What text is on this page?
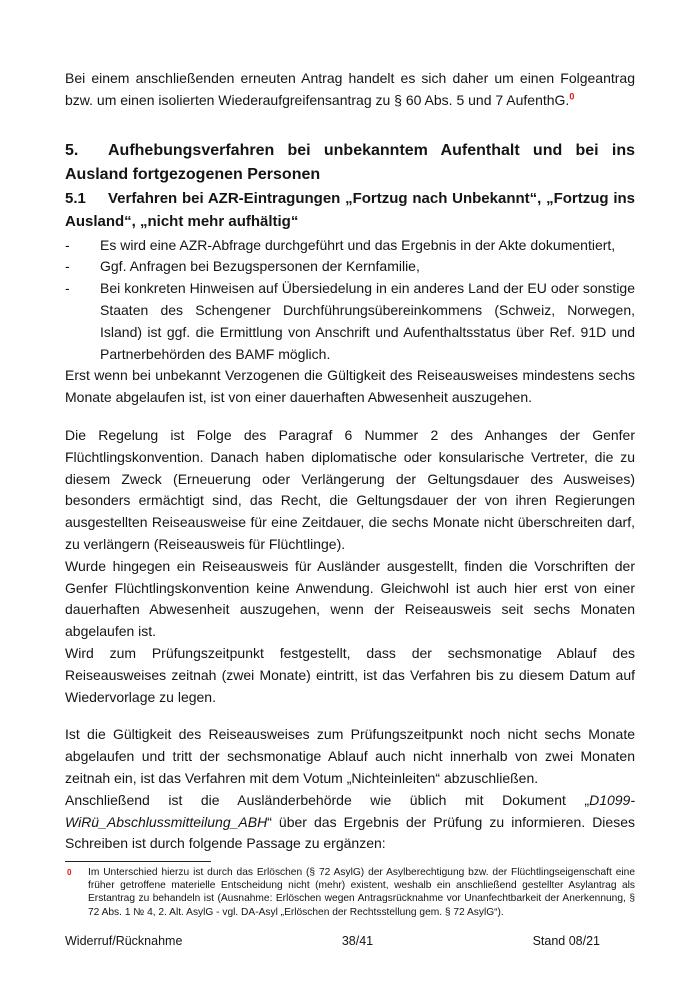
Bei einem anschließenden erneuten Antrag handelt es sich daher um einen Folgeantrag bzw. um einen isolierten Wiederaufgreifensantrag zu § 60 Abs. 5 und 7 AufenthG.$^0$

5. Aufhebungsverfahren bei unbekanntem Aufenthalt und bei ins Ausland fortgezogenen Personen
5.1 Verfahren bei AZR-Eintragungen „Fortzug nach Unbekannt“, „Fortzug ins Ausland“, „nicht mehr aufhältig“
- Es wird eine AZR-Abfrage durchgeführt und das Ergebnis in der Akte dokumentiert,
- Ggf. Anfragen bei Bezugspersonen der Kernfamilie,
- Bei konkreten Hinweisen auf Übersiedelung in ein anderes Land der EU oder sonstige Staaten des Schengener Durchführungsübereinkommens (Schweiz, Norwegen, Island) ist ggf. die Ermittlung von Anschrift und Aufenthaltsstatus über Ref. 91D und Partnerbehörden des BAMF möglich.

Erst wenn bei unbekannt Verzogenen die Gültigkeit des Reiseausweises mindestens sechs Monate abgelaufen ist, ist von einer dauerhaften Abwesenheit auszugehen.

Die Regelung ist Folge des Paragraf 6 Nummer 2 des Anhanges der Genfer Flüchtlingskonvention. Danach haben diplomatische oder konsularische Vertreter, die zu diesem Zweck (Erneuerung oder Verlängerung der Geltungsdauer des Ausweises) besonders ermächtigt sind, das Recht, die Geltungsdauer der von ihren Regierungen ausgestellten Reiseausweise für eine Zeitdauer, die sechs Monate nicht überschreiten darf, zu verlängern (Reiseausweis für Flüchtlinge).

Wurde hingegen ein Reiseausweis für Ausländer ausgestellt, finden die Vorschriften der Genfer Flüchtlingskonvention keine Anwendung. Gleichwohl ist auch hier erst von einer dauerhaften Abwesenheit auszugehen, wenn der Reiseausweis seit sechs Monaten abgelaufen ist.

Wird zum Prüfungszeitpunkt festgestellt, dass der sechsmonatige Ablauf des Reiseausweises zeitnah (zwei Monate) eintritt, ist das Verfahren bis zu diesem Datum auf Wiedervorlage zu legen.

Ist die Gültigkeit des Reiseausweises zum Prüfungszeitpunkt noch nicht sechs Monate abgelaufen und tritt der sechsmonatige Ablauf auch nicht innerhalb von zwei Monaten zeitnah ein, ist das Verfahren mit dem Votum „Nichteinleiten“ abzuschließen.

Anschließend ist die Ausländerbehörde wie üblich mit Dokument „D1099-WiRü_Abschlussmitteilung_ABH“ über das Ergebnis der Prüfung zu informieren. Dieses Schreiben ist durch folgende Passage zu ergänzen:

0 Im Unterschied hierzu ist durch das Erlöschen (§ 72 AsylG) der Asylberechtigung bzw. der Flüchtlingseigenschaft eine früher getroffene materielle Entscheidung nicht (mehr) existent, weshalb ein anschließend gestellter Asylantrag als Erstantrag zu behandeln ist (Ausnahme: Erlöschen wegen Antragsrücknahme vor Unanfechtbarkeit der Anerkennung, § 72 Abs. 1 № 4, 2. Alt. AsylG - vgl. DA-Asyl „Erlöschen der Rechtsstellung gem. § 72 AsylG“).
Widerruf/Rücknahme	38/41	Stand 08/21
